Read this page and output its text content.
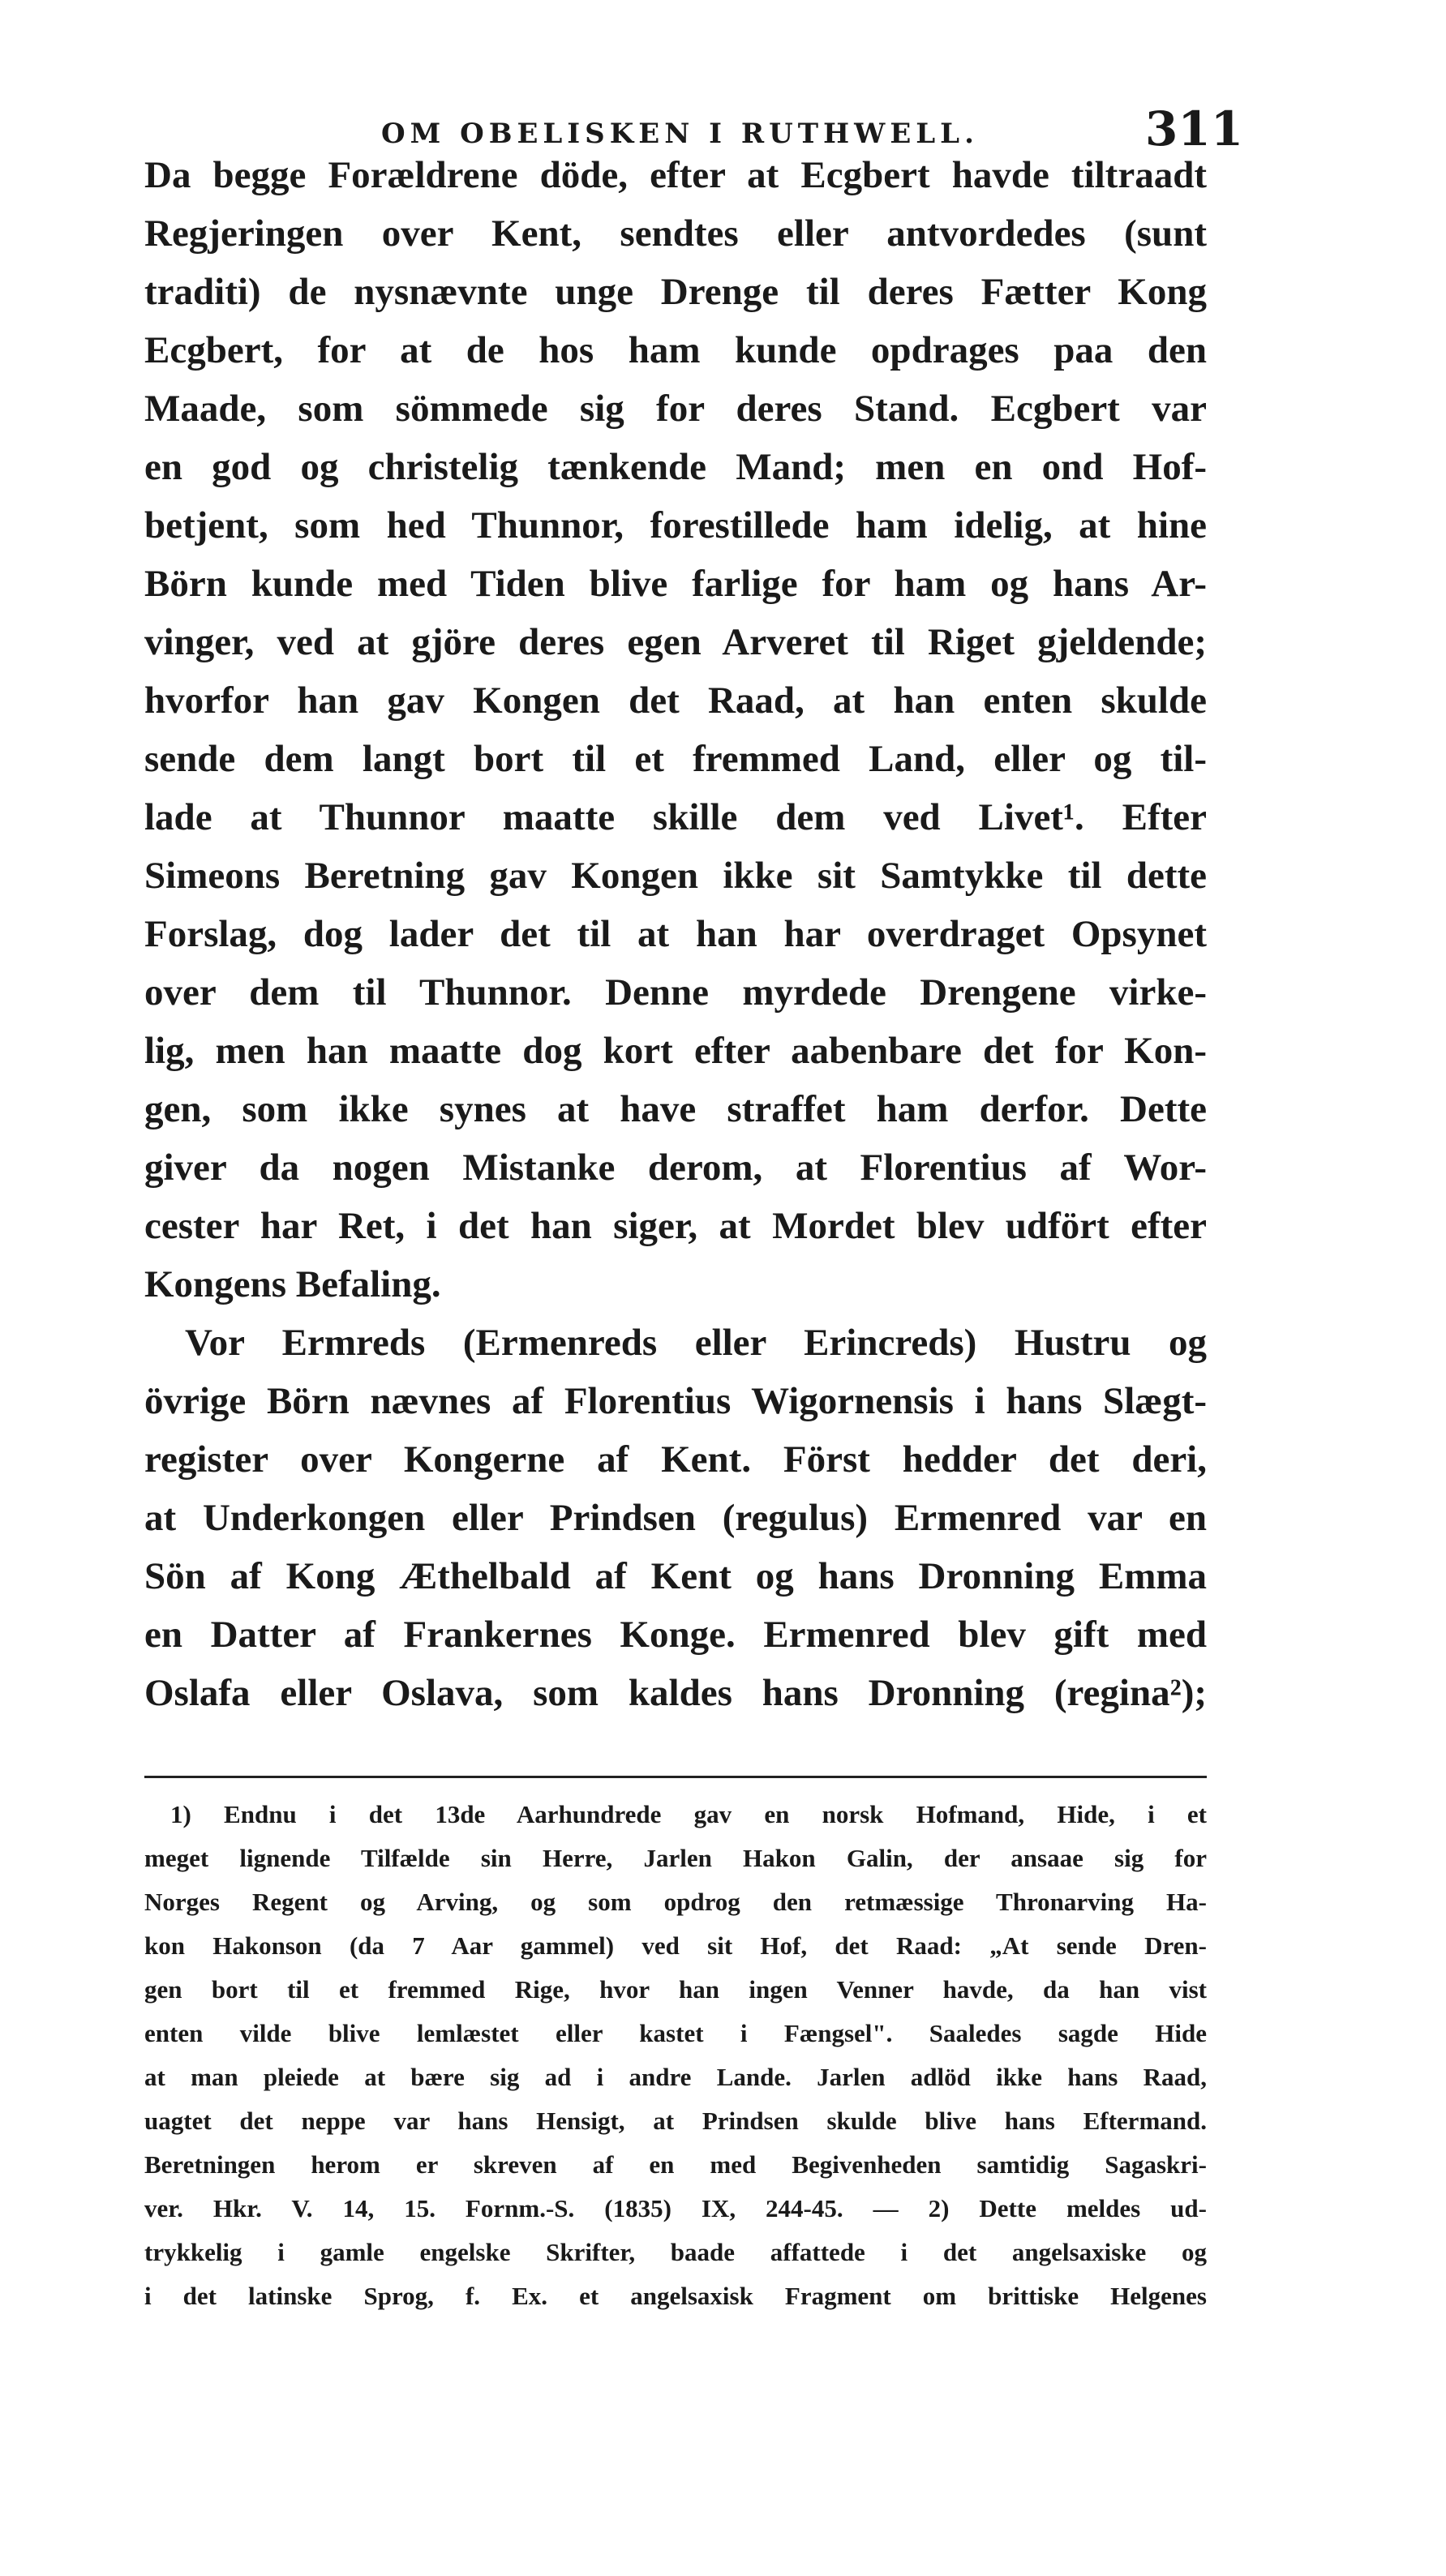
OM OBELISKEN I RUTHWELL.	311
Da begge Forældrene döde, efter at Ecgbert havde tiltraadt
Regjeringen over Kent, sendtes eller antvordedes (sunt
traditi) de nysnævnte unge Drenge til deres Fætter Kong
Ecgbert, for at de hos ham kunde opdrages paa den
Maade, som sömmede sig for deres Stand. Ecgbert var
en god og christelig tænkende Mand; men en ond Hof-
betjent, som hed Thunnor, forestillede ham idelig, at hine
Börn kunde med Tiden blive farlige for ham og hans Ar-
vinger, ved at gjöre deres egen Arveret til Riget gjeldende;
hvorfor han gav Kongen det Raad, at han enten skulde
sende dem langt bort til et fremmed Land, eller og til-
lade at Thunnor maatte skille dem ved Livet¹. Efter
Simeons Beretning gav Kongen ikke sit Samtykke til dette
Forslag, dog lader det til at han har overdraget Opsynet
over dem til Thunnor. Denne myrdede Drengene virke-
lig, men han maatte dog kort efter aabenbare det for Kon-
gen, som ikke synes at have straffet ham derfor. Dette
giver da nogen Mistanke derom, at Florentius af Wor-
cester har Ret, i det han siger, at Mordet blev udfört efter
Kongens Befaling.
Vor Ermreds (Ermenreds eller Erincreds) Hustru og
övrige Börn nævnes af Florentius Wigornensis i hans Slægt-
register over Kongerne af Kent. Först hedder det deri,
at Underkongen eller Prindsen (regulus) Ermenred var en
Sön af Kong Æthelbald af Kent og hans Dronning Emma
en Datter af Frankernes Konge. Ermenred blev gift med
Oslafa eller Oslava, som kaldes hans Dronning (regina²);
1) Endnu i det 13de Aarhundrede gav en norsk Hofmand, Hide, i et
meget lignende Tilfælde sin Herre, Jarlen Hakon Galin, der ansaae sig for
Norges Regent og Arving, og som opdrog den retmæssige Thronarving Ha-
kon Hakonson (da 7 Aar gammel) ved sit Hof, det Raad: „At sende Dren-
gen bort til et fremmed Rige, hvor han ingen Venner havde, da han vist
enten vilde blive lemlæstet eller kastet i Fængsel". Saaledes sagde Hide
at man pleiede at bære sig ad i andre Lande. Jarlen adlöd ikke hans Raad,
uagtet det neppe var hans Hensigt, at Prindsen skulde blive hans Eftermand.
Beretningen herom er skreven af en med Begivenheden samtidig Sagaskri-
ver. Hkr. V. 14, 15. Fornm.-S. (1835) IX, 244-45. — 2) Dette meldes ud-
trykkelig i gamle engelske Skrifter, baade affattede i det angelsaxiske og
i det latinske Sprog, f. Ex. et angelsaxisk Fragment om brittiske Helgenes
